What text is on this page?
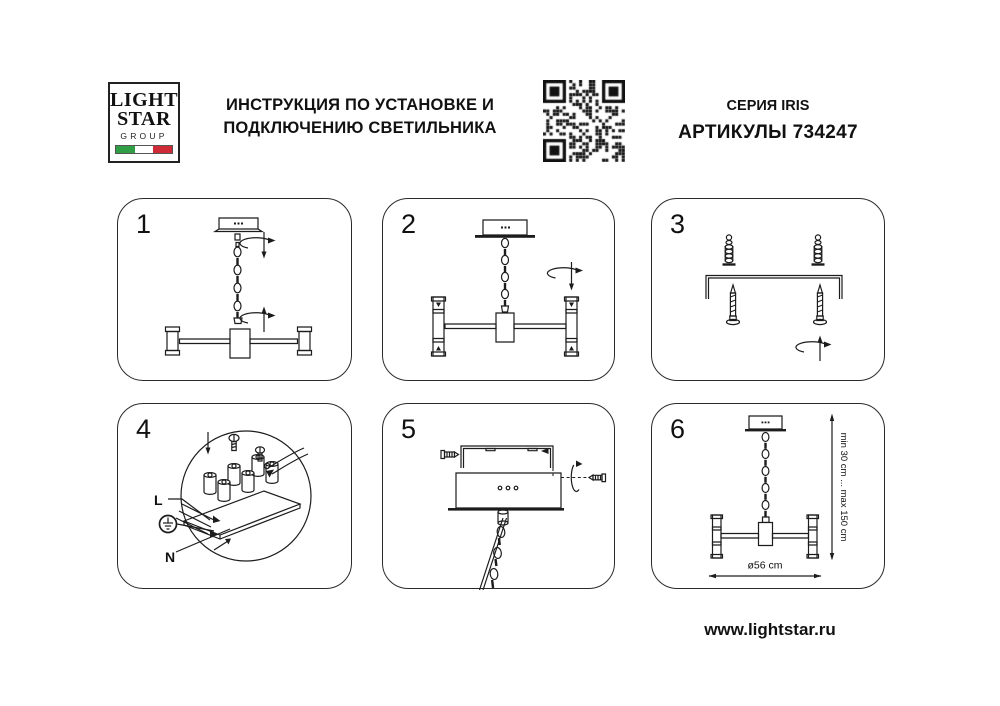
LIGHT
STAR
GROUP
ИНСТРУКЦИЯ ПО УСТАНОВКЕ И
ПОДКЛЮЧЕНИЮ СВЕТИЛЬНИКА
СЕРИЯ IRIS
АРТИКУЛЫ 734247
1	2	3
4
L
N
5	6
min 30 cm ... max 150 cm
ø56 cm
www.lightstar.ru
